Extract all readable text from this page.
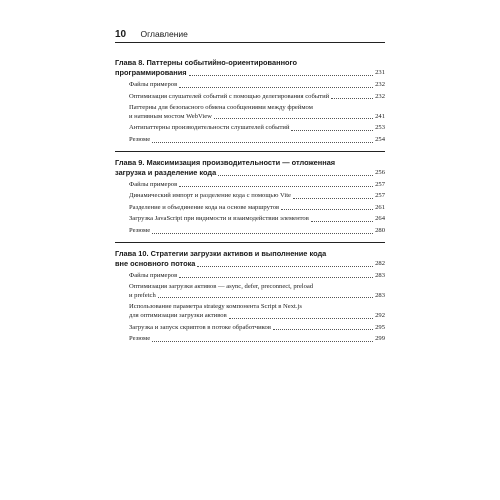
10 Оглавление

Глава 8. Паттерны событийно-ориентированного

программирования	231
Файлы примеров	232
Оптимизация слушателей событий с помощью делегирования событий	232
Паттерны для безопасного обмена сообщениями между фреймом
и нативным мостом WebView	241
Антипаттерны производительности слушателей событий	253
Резюме	254

Глава 9. Максимизация производительности — отложенная

загрузка и разделение кода	256
Файлы примеров	257
Динамический импорт и разделение кода с помощью Vite	257
Разделение и объединение кода на основе маршрутов	261
Загрузка JavaScript при видимости и взаимодействии элементов	264
Резюме	280

Глава 10. Стратегии загрузки активов и выполнение кода

вне основного потока	282
Файлы примеров	283
Оптимизация загрузки активов — async, defer, preconnect, preload
и prefetch	283
Использование параметра strategy компонента Script в Next.js
для оптимизации загрузки активов	292
Загрузка и запуск скриптов в потоке обработчиков	295
Резюме	299
